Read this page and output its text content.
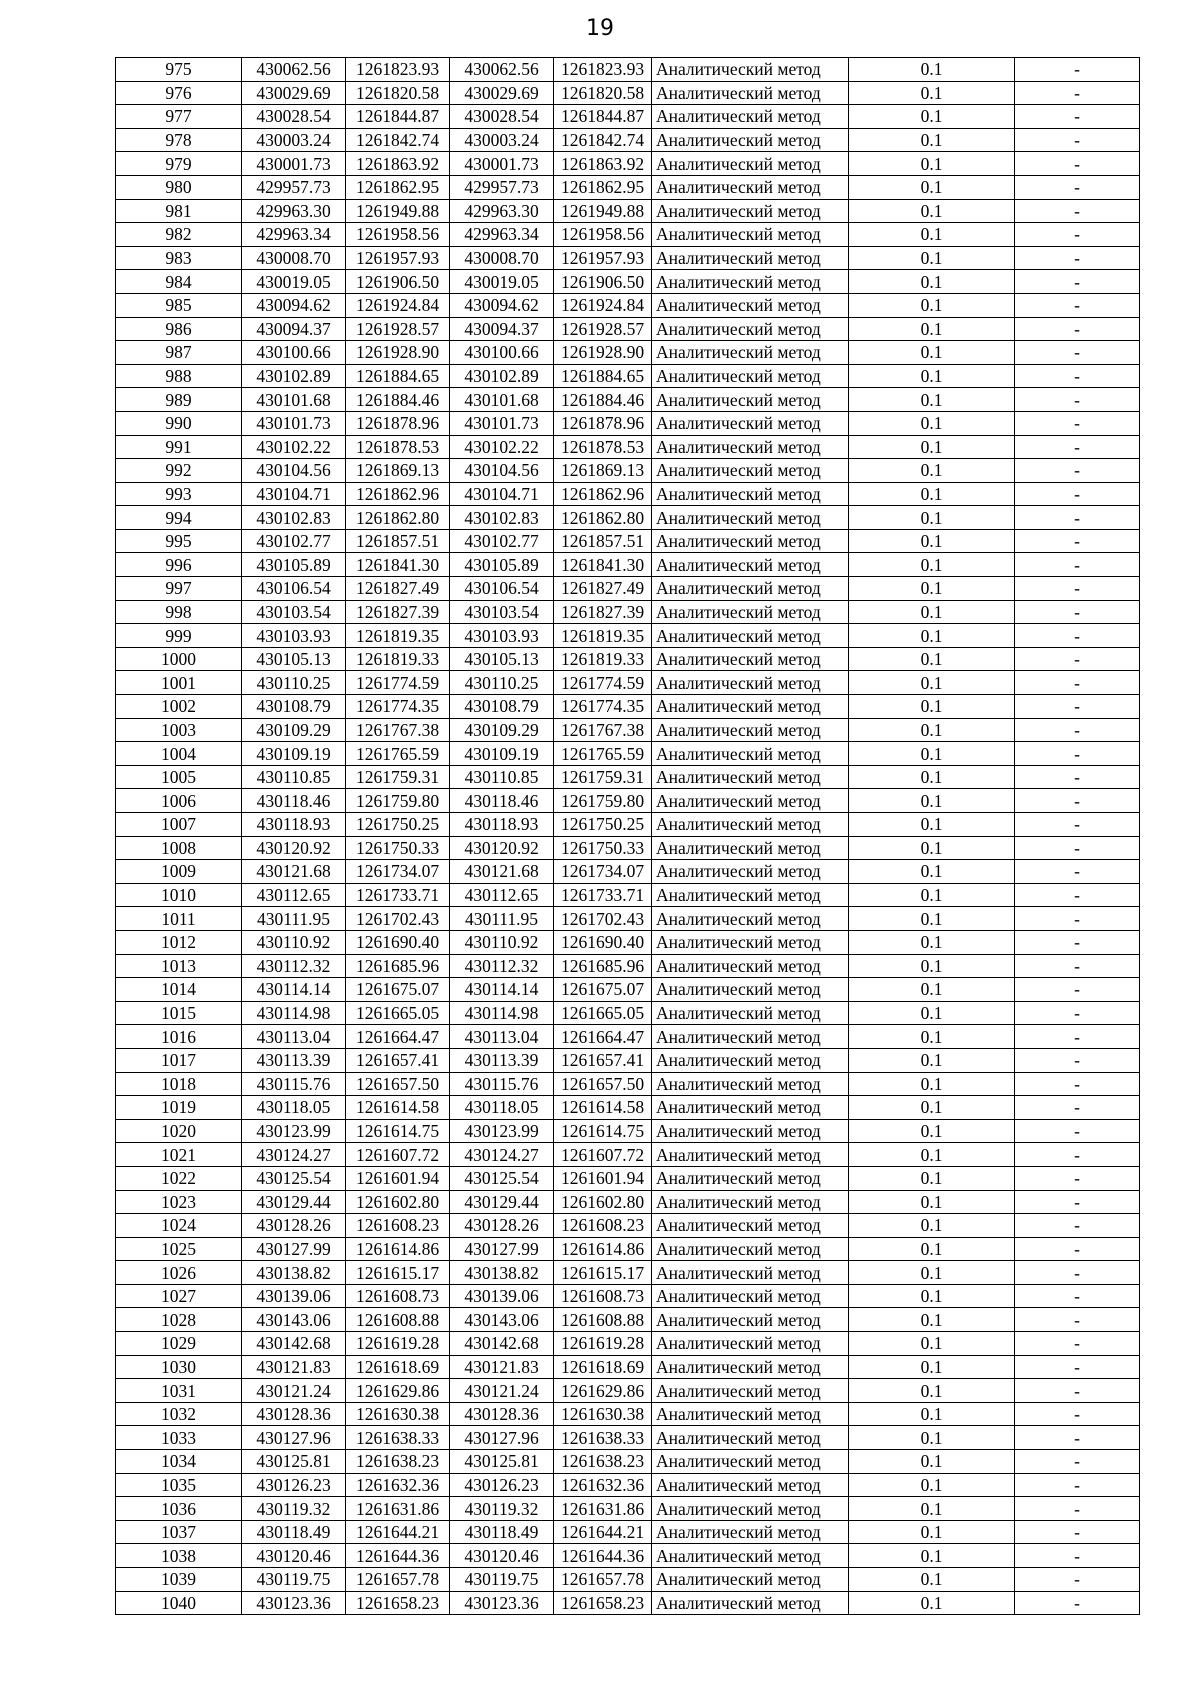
19
975	430062.56	1261823.93	430062.56	1261823.93	Аналитический метод	0.1	-
976	430029.69	1261820.58	430029.69	1261820.58	Аналитический метод	0.1	-
977	430028.54	1261844.87	430028.54	1261844.87	Аналитический метод	0.1	-
978	430003.24	1261842.74	430003.24	1261842.74	Аналитический метод	0.1	-
979	430001.73	1261863.92	430001.73	1261863.92	Аналитический метод	0.1	-
980	429957.73	1261862.95	429957.73	1261862.95	Аналитический метод	0.1	-
981	429963.30	1261949.88	429963.30	1261949.88	Аналитический метод	0.1	-
982	429963.34	1261958.56	429963.34	1261958.56	Аналитический метод	0.1	-
983	430008.70	1261957.93	430008.70	1261957.93	Аналитический метод	0.1	-
984	430019.05	1261906.50	430019.05	1261906.50	Аналитический метод	0.1	-
985	430094.62	1261924.84	430094.62	1261924.84	Аналитический метод	0.1	-
986	430094.37	1261928.57	430094.37	1261928.57	Аналитический метод	0.1	-
987	430100.66	1261928.90	430100.66	1261928.90	Аналитический метод	0.1	-
988	430102.89	1261884.65	430102.89	1261884.65	Аналитический метод	0.1	-
989	430101.68	1261884.46	430101.68	1261884.46	Аналитический метод	0.1	-
990	430101.73	1261878.96	430101.73	1261878.96	Аналитический метод	0.1	-
991	430102.22	1261878.53	430102.22	1261878.53	Аналитический метод	0.1	-
992	430104.56	1261869.13	430104.56	1261869.13	Аналитический метод	0.1	-
993	430104.71	1261862.96	430104.71	1261862.96	Аналитический метод	0.1	-
994	430102.83	1261862.80	430102.83	1261862.80	Аналитический метод	0.1	-
995	430102.77	1261857.51	430102.77	1261857.51	Аналитический метод	0.1	-
996	430105.89	1261841.30	430105.89	1261841.30	Аналитический метод	0.1	-
997	430106.54	1261827.49	430106.54	1261827.49	Аналитический метод	0.1	-
998	430103.54	1261827.39	430103.54	1261827.39	Аналитический метод	0.1	-
999	430103.93	1261819.35	430103.93	1261819.35	Аналитический метод	0.1	-
1000	430105.13	1261819.33	430105.13	1261819.33	Аналитический метод	0.1	-
1001	430110.25	1261774.59	430110.25	1261774.59	Аналитический метод	0.1	-
1002	430108.79	1261774.35	430108.79	1261774.35	Аналитический метод	0.1	-
1003	430109.29	1261767.38	430109.29	1261767.38	Аналитический метод	0.1	-
1004	430109.19	1261765.59	430109.19	1261765.59	Аналитический метод	0.1	-
1005	430110.85	1261759.31	430110.85	1261759.31	Аналитический метод	0.1	-
1006	430118.46	1261759.80	430118.46	1261759.80	Аналитический метод	0.1	-
1007	430118.93	1261750.25	430118.93	1261750.25	Аналитический метод	0.1	-
1008	430120.92	1261750.33	430120.92	1261750.33	Аналитический метод	0.1	-
1009	430121.68	1261734.07	430121.68	1261734.07	Аналитический метод	0.1	-
1010	430112.65	1261733.71	430112.65	1261733.71	Аналитический метод	0.1	-
1011	430111.95	1261702.43	430111.95	1261702.43	Аналитический метод	0.1	-
1012	430110.92	1261690.40	430110.92	1261690.40	Аналитический метод	0.1	-
1013	430112.32	1261685.96	430112.32	1261685.96	Аналитический метод	0.1	-
1014	430114.14	1261675.07	430114.14	1261675.07	Аналитический метод	0.1	-
1015	430114.98	1261665.05	430114.98	1261665.05	Аналитический метод	0.1	-
1016	430113.04	1261664.47	430113.04	1261664.47	Аналитический метод	0.1	-
1017	430113.39	1261657.41	430113.39	1261657.41	Аналитический метод	0.1	-
1018	430115.76	1261657.50	430115.76	1261657.50	Аналитический метод	0.1	-
1019	430118.05	1261614.58	430118.05	1261614.58	Аналитический метод	0.1	-
1020	430123.99	1261614.75	430123.99	1261614.75	Аналитический метод	0.1	-
1021	430124.27	1261607.72	430124.27	1261607.72	Аналитический метод	0.1	-
1022	430125.54	1261601.94	430125.54	1261601.94	Аналитический метод	0.1	-
1023	430129.44	1261602.80	430129.44	1261602.80	Аналитический метод	0.1	-
1024	430128.26	1261608.23	430128.26	1261608.23	Аналитический метод	0.1	-
1025	430127.99	1261614.86	430127.99	1261614.86	Аналитический метод	0.1	-
1026	430138.82	1261615.17	430138.82	1261615.17	Аналитический метод	0.1	-
1027	430139.06	1261608.73	430139.06	1261608.73	Аналитический метод	0.1	-
1028	430143.06	1261608.88	430143.06	1261608.88	Аналитический метод	0.1	-
1029	430142.68	1261619.28	430142.68	1261619.28	Аналитический метод	0.1	-
1030	430121.83	1261618.69	430121.83	1261618.69	Аналитический метод	0.1	-
1031	430121.24	1261629.86	430121.24	1261629.86	Аналитический метод	0.1	-
1032	430128.36	1261630.38	430128.36	1261630.38	Аналитический метод	0.1	-
1033	430127.96	1261638.33	430127.96	1261638.33	Аналитический метод	0.1	-
1034	430125.81	1261638.23	430125.81	1261638.23	Аналитический метод	0.1	-
1035	430126.23	1261632.36	430126.23	1261632.36	Аналитический метод	0.1	-
1036	430119.32	1261631.86	430119.32	1261631.86	Аналитический метод	0.1	-
1037	430118.49	1261644.21	430118.49	1261644.21	Аналитический метод	0.1	-
1038	430120.46	1261644.36	430120.46	1261644.36	Аналитический метод	0.1	-
1039	430119.75	1261657.78	430119.75	1261657.78	Аналитический метод	0.1	-
1040	430123.36	1261658.23	430123.36	1261658.23	Аналитический метод	0.1	-
